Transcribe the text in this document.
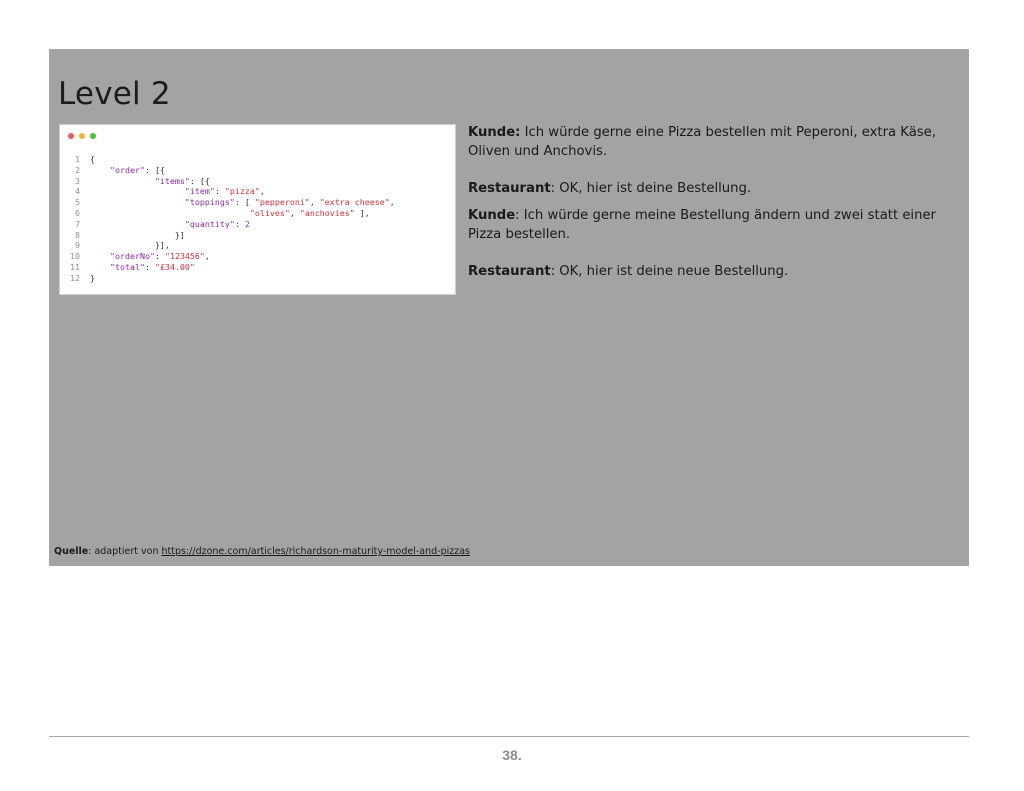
Level 2
1 {
2	"order": [{
3	"items": [{
4	"item": "pizza",
5	"toppings": [ "pepperoni", "extra cheese",
6	"olives", "anchovies" ],
7	"quantity": 2
8	}]
9	}],
10	"orderNo": "123456",
11	"total": "£34.00"
12 }

Kunde: Ich würde gerne eine Pizza bestellen mit Peperoni, extra Käse, Oliven und Anchovis.

Restaurant: OK, hier ist deine Bestellung.

Kunde: Ich würde gerne meine Bestellung ändern und zwei statt einer Pizza bestellen.

Restaurant: OK, hier ist deine neue Bestellung.

Quelle: adaptiert von https://dzone.com/articles/richardson-maturity-model-and-pizzas
38.
